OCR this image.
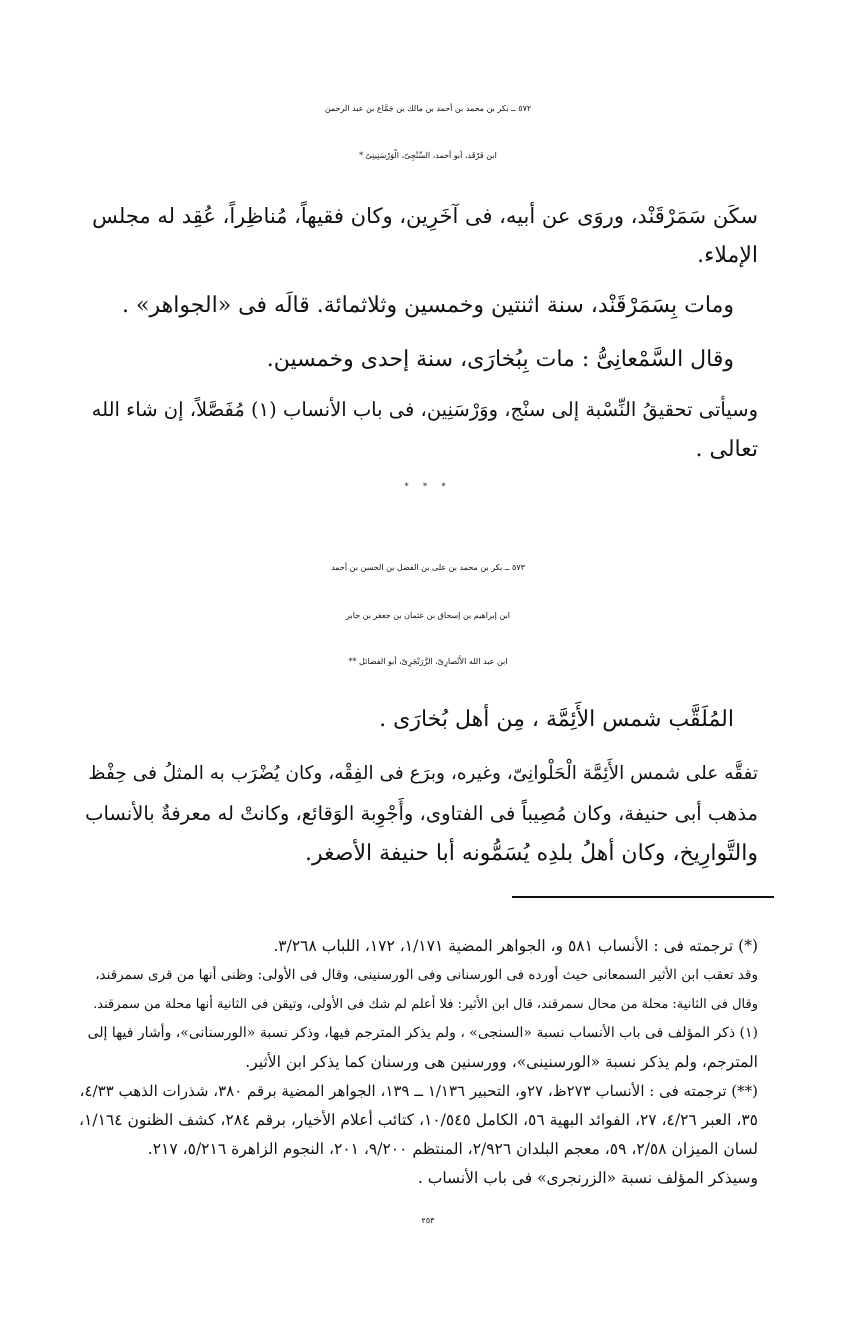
٥٧٢ ــ بكر بن محمد بن أحمد بن مالك بن جَمَّاع بن عبد الرحمن
ابن فَرْقَد، أبو أحمد، السِّنْجِىّ، الْوَرْسَنِينِىّ *
سكَن سَمَرْقَنْد، وروَى عن أبيه، فى آخَرِين، وكان فقيهاً، مُناظِراً، عُقِد له مجلس
الإملاء.
ومات بِسَمَرْقَنْد، سنة اثنتين وخمسين وثلاثمائة. قالَه فى «الجواهر» .
وقال السَّمْعانِىُّ : مات بِبُخارَى، سنة إحدى وخمسين.
وسيأتى تحقيقُ النِّسْبة إلى سنْج، ووَرْسَنِين، فى باب الأنساب (١) مُفَصَّلاً، إن شاء الله
تعالى .
* * *
٥٧٣ ــ بكر بن محمد بن على بن الفضل بن الحسن بن أحمد
ابن إبراهيم بن إسحاق بن عثمان بن جعفر بن جابر
ابن عبد الله الأَنْصارِىّ، الزَّرَنْجَرِىّ، أبو الفضائل **
المُلَقَّب شمس الأَئِمَّة ، مِن أهل بُخارَى .
تفقَّه على شمس الأَئِمَّة الْحَلْوانِىّ، وغيره، وبرَع فى الفِقْه، وكان يُضْرَب به المثلُ فى حِفْظ
مذهب أبى حنيفة، وكان مُصِيباً فى الفتاوى، وأَجْوِبة الوَقائع، وكانتْ له معرفةٌ بالأنساب
والتَّوارِيخ، وكان أهلُ بلدِه يُسَمُّونه أبا حنيفة الأصغر.
(*) ترجمته فى : الأنساب ٥٨١ و، الجواهر المضية ١/١٧١، ١٧٢، اللباب ٣/٢٦٨.
وقد تعقب ابن الأثير السمعانى حيث أورده فى الورسنانى وفى الورسنينى، وقال فى الأولى: وظنى أنها من قرى سمرقند،
وقال فى الثانية: محلة من محال سمرقند، قال ابن الأثير: فلا أعلم لم شك فى الأولى، وتيقن فى الثانية أنها محلة من سمرقند.
(١) ذكر المؤلف فى باب الأنساب نسبة «السنجى» ، ولم يذكر المترجم فيها، وذكر نسبة «الورسنانى»، وأشار فيها إلى
المترجم، ولم يذكر نسبة «الورسنينى»، وورسنين هى ورسنان كما يذكر ابن الأثير.
(**) ترجمته فى : الأنساب ٢٧٣ظ، ٢٧و، التحبير ١/١٣٦ ــ ١٣٩، الجواهر المضية برقم ٣٨٠، شذرات الذهب ٤/٣٣،
٣٥، العبر ٤/٢٦، ٢٧، الفوائد البهية ٥٦، الكامل ١٠/٥٤٥، كتائب أعلام الأخيار، برقم ٢٨٤، كشف الظنون ١/١٦٤،
لسان الميزان ٢/٥٨، ٥٩، معجم البلدان ٢/٩٢٦، المنتظم ٩/٢٠٠، ٢٠١، النجوم الزاهرة ٥/٢١٦، ٢١٧.
وسيذكر المؤلف نسبة «الزرنجرى» فى باب الأنساب .
٢٥٣
